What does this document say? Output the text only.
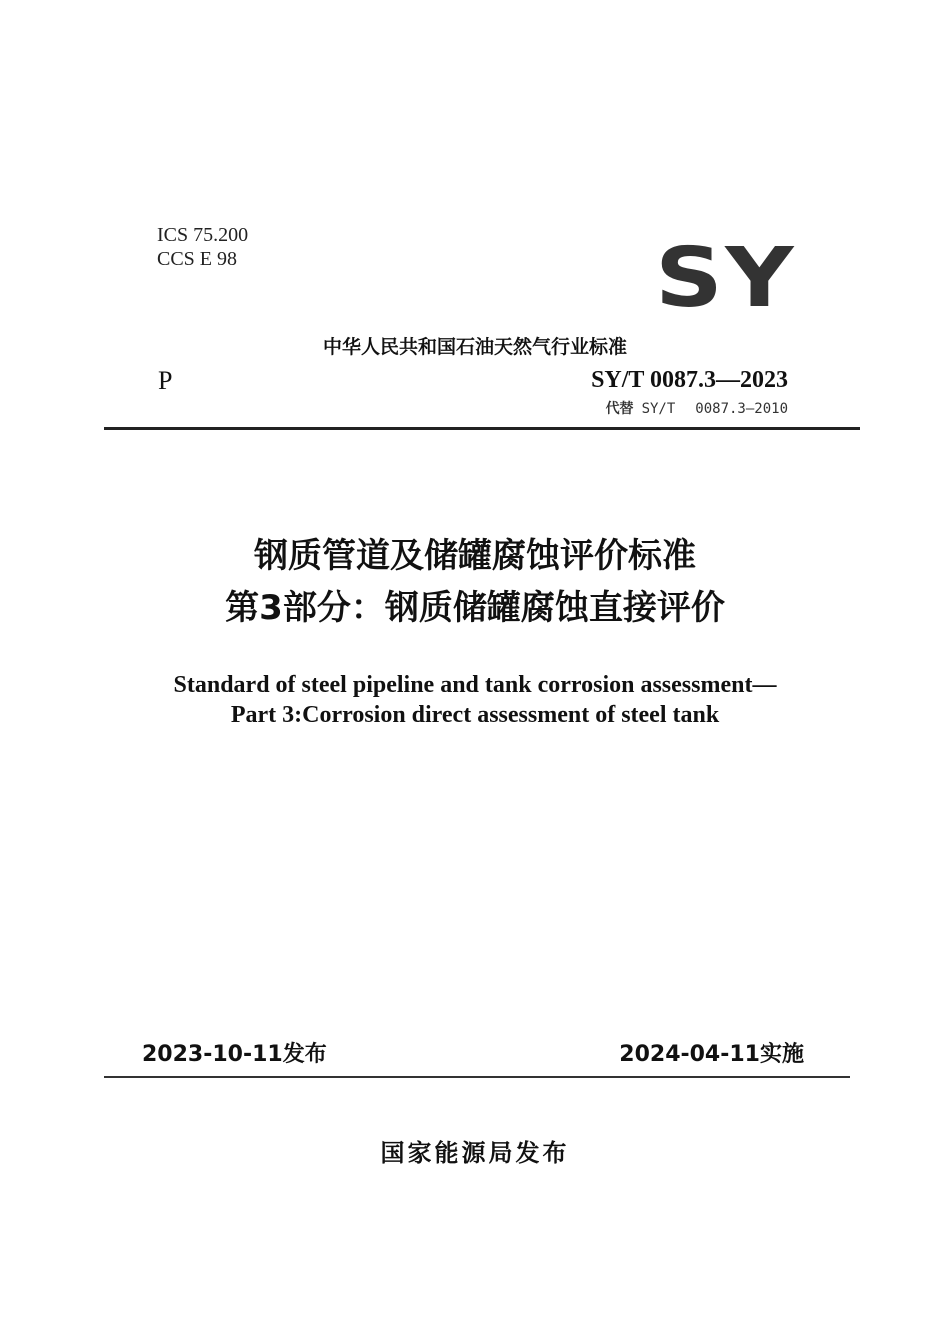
ICS 75.200
CCS E 98	SY
中华人民共和国石油天然气行业标准
P	SY/T 0087.3—2023
代替 SY/T 0087.3—2010
钢质管道及储罐腐蚀评价标准
第3部分：钢质储罐腐蚀直接评价
Standard of steel pipeline and tank corrosion assessment—
Part 3:Corrosion direct assessment of steel tank
2023-10-11发布	2024-04-11实施
国家能源局发布
